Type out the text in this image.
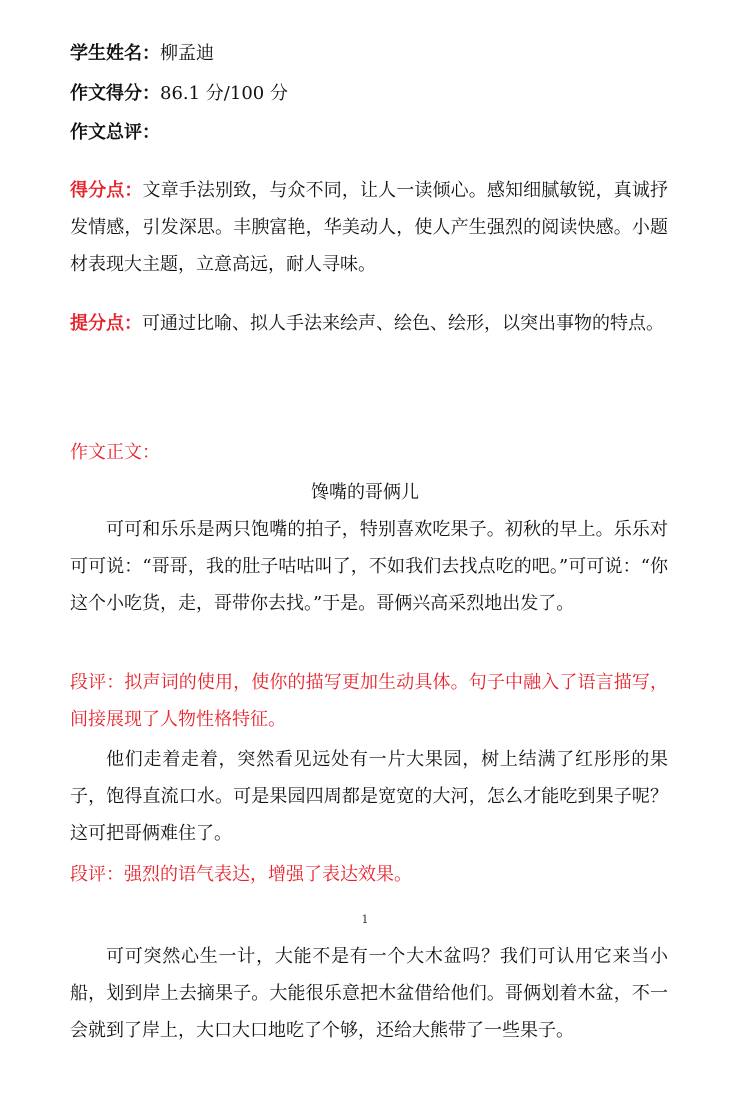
学生姓名：柳孟迪
作文得分：86.1 分/100 分
作文总评：
得分点：文章手法别致，与众不同，让人一读倾心。感知细腻敏锐，真诚抒发情感，引发深思。丰腴富艳，华美动人，使人产生强烈的阅读快感。小题材表现大主题，立意高远，耐人寻味。
提分点：可通过比喻、拟人手法来绘声、绘色、绘形，以突出事物的特点。
作文正文：
馋嘴的哥俩儿
可可和乐乐是两只饱嘴的拍子，特别喜欢吃果子。初秋的早上。乐乐对可可说：“哥哥，我的肚子咕咕叫了，不如我们去找点吃的吧。”可可说：“你这个小吃货，走，哥带你去找。”于是。哥俩兴高采烈地出发了。
段评：拟声词的使用，使你的描写更加生动具体。句子中融入了语言描写，间接展现了人物性格特征。
他们走着走着，突然看见远处有一片大果园，树上结满了红彤彤的果子，饱得直流口水。可是果园四周都是宽宽的大河，怎么才能吃到果子呢？这可把哥俩难住了。
段评：强烈的语气表达，增强了表达效果。
1
可可突然心生一计，大能不是有一个大木盆吗？我们可认用它来当小船，划到岸上去摘果子。大能很乐意把木盆借给他们。哥俩划着木盆，不一会就到了岸上，大口大口地吃了个够，还给大熊带了一些果子。
